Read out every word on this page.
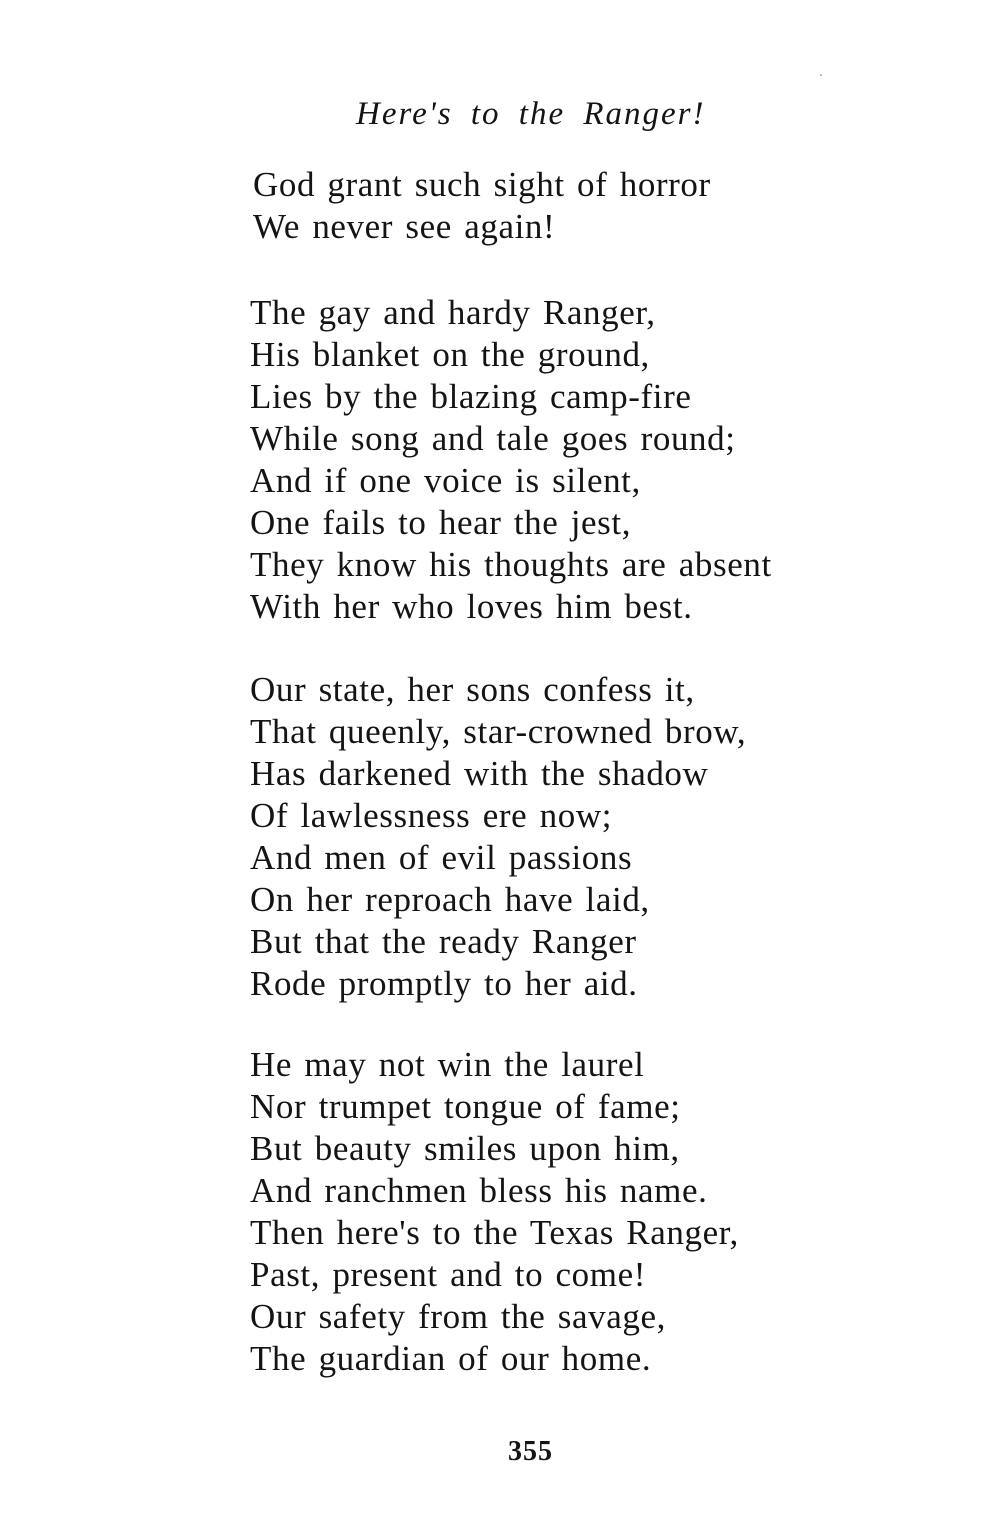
Here's to the Ranger!
God grant such sight of horror
We never see again!
The gay and hardy Ranger,
His blanket on the ground,
Lies by the blazing camp-fire
While song and tale goes round;
And if one voice is silent,
One fails to hear the jest,
They know his thoughts are absent
With her who loves him best.
Our state, her sons confess it,
That queenly, star-crowned brow,
Has darkened with the shadow
Of lawlessness ere now;
And men of evil passions
On her reproach have laid,
But that the ready Ranger
Rode promptly to her aid.
He may not win the laurel
Nor trumpet tongue of fame;
But beauty smiles upon him,
And ranchmen bless his name.
Then here's to the Texas Ranger,
Past, present and to come!
Our safety from the savage,
The guardian of our home.
355
